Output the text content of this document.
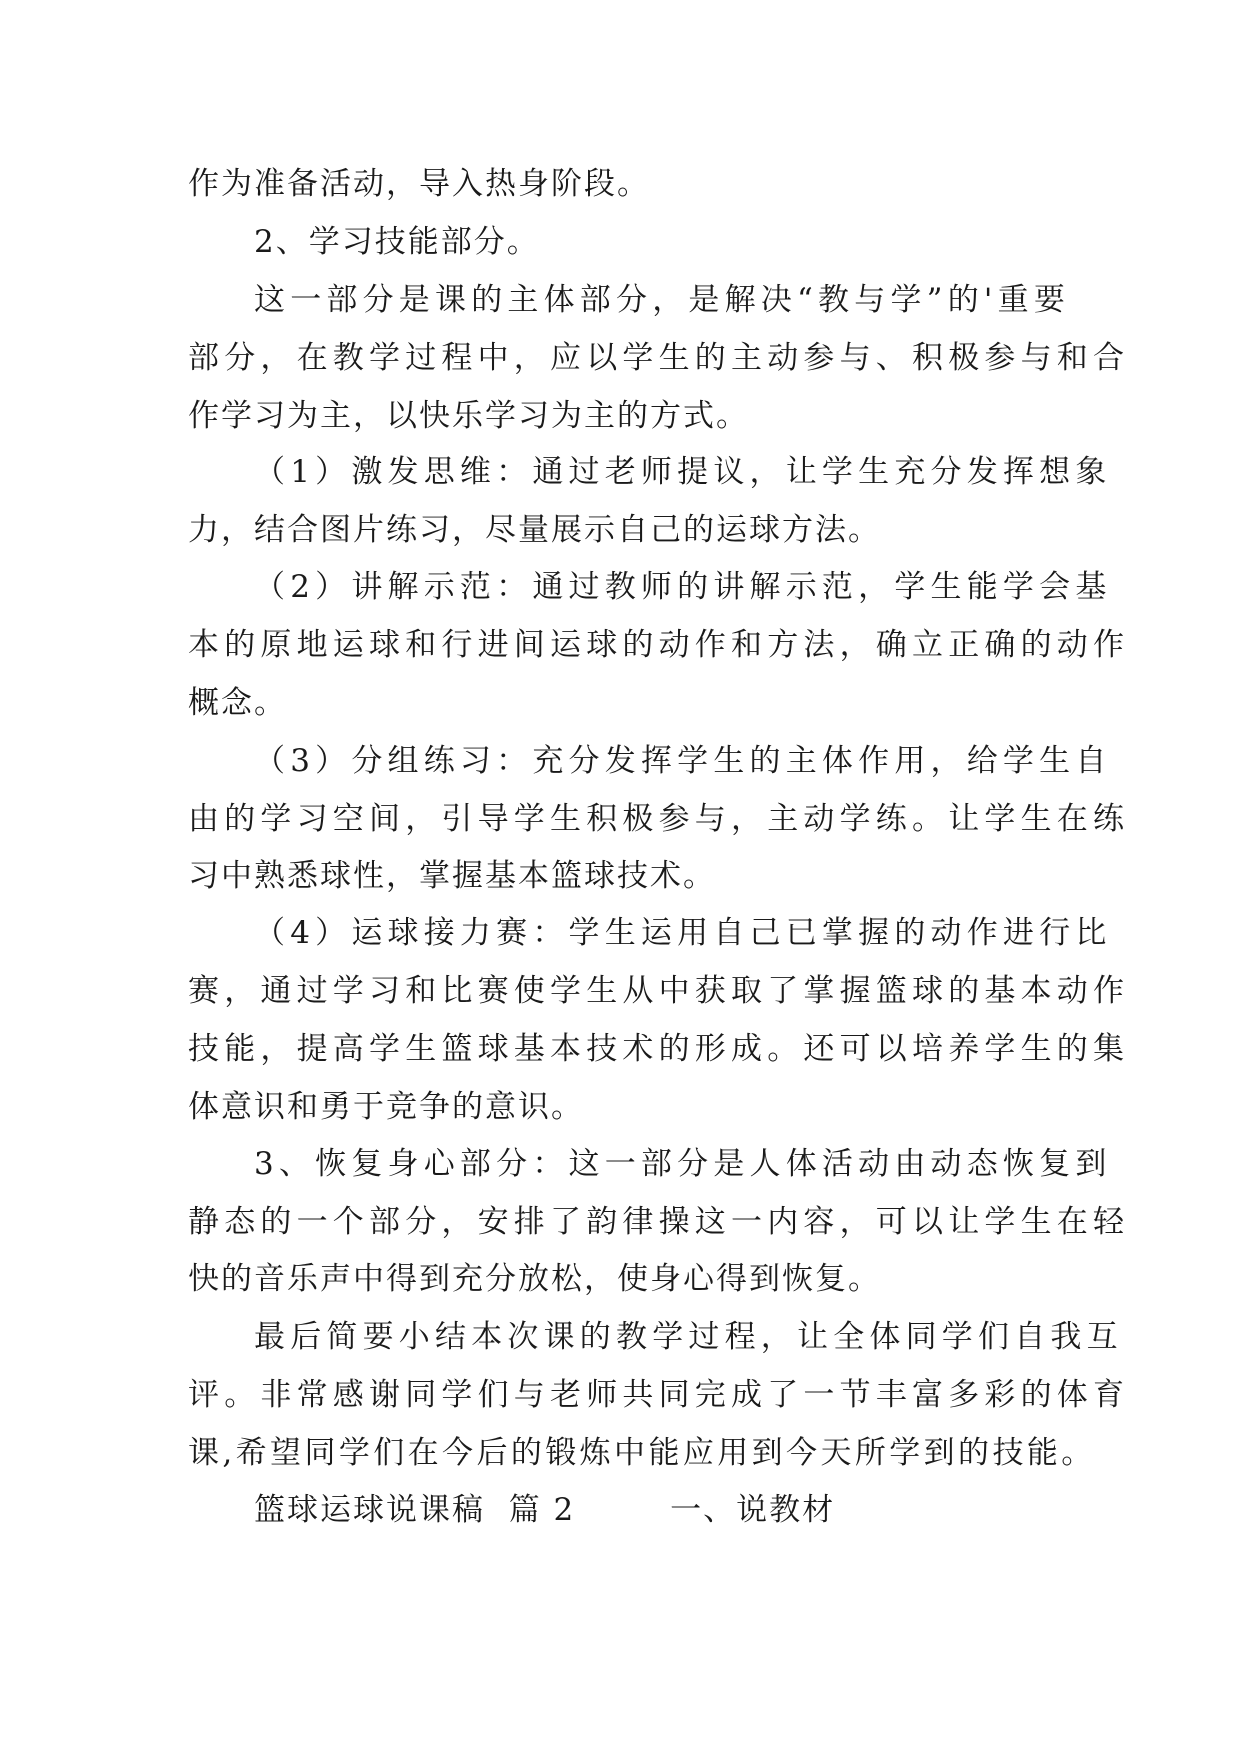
作为准备活动，导入热身阶段。
2、学习技能部分。
这一部分是课的主体部分，是解决“教与学”的'重要
部分，在教学过程中，应以学生的主动参与、积极参与和合
作学习为主，以快乐学习为主的方式。
（1）激发思维：通过老师提议，让学生充分发挥想象
力，结合图片练习，尽量展示自己的运球方法。
（2）讲解示范：通过教师的讲解示范，学生能学会基
本的原地运球和行进间运球的动作和方法，确立正确的动作
概念。
（3）分组练习：充分发挥学生的主体作用，给学生自
由的学习空间，引导学生积极参与，主动学练。让学生在练
习中熟悉球性，掌握基本篮球技术。
（4）运球接力赛：学生运用自己已掌握的动作进行比
赛，通过学习和比赛使学生从中获取了掌握篮球的基本动作
技能，提高学生篮球基本技术的形成。还可以培养学生的集
体意识和勇于竞争的意识。
3、恢复身心部分：这一部分是人体活动由动态恢复到
静态的一个部分，安排了韵律操这一内容，可以让学生在轻
快的音乐声中得到充分放松，使身心得到恢复。
最后简要小结本次课的教学过程，让全体同学们自我互
评。非常感谢同学们与老师共同完成了一节丰富多彩的体育
课,希望同学们在今后的锻炼中能应用到今天所学到的技能。
篮球运球说课稿  篇 2        一、说教材
